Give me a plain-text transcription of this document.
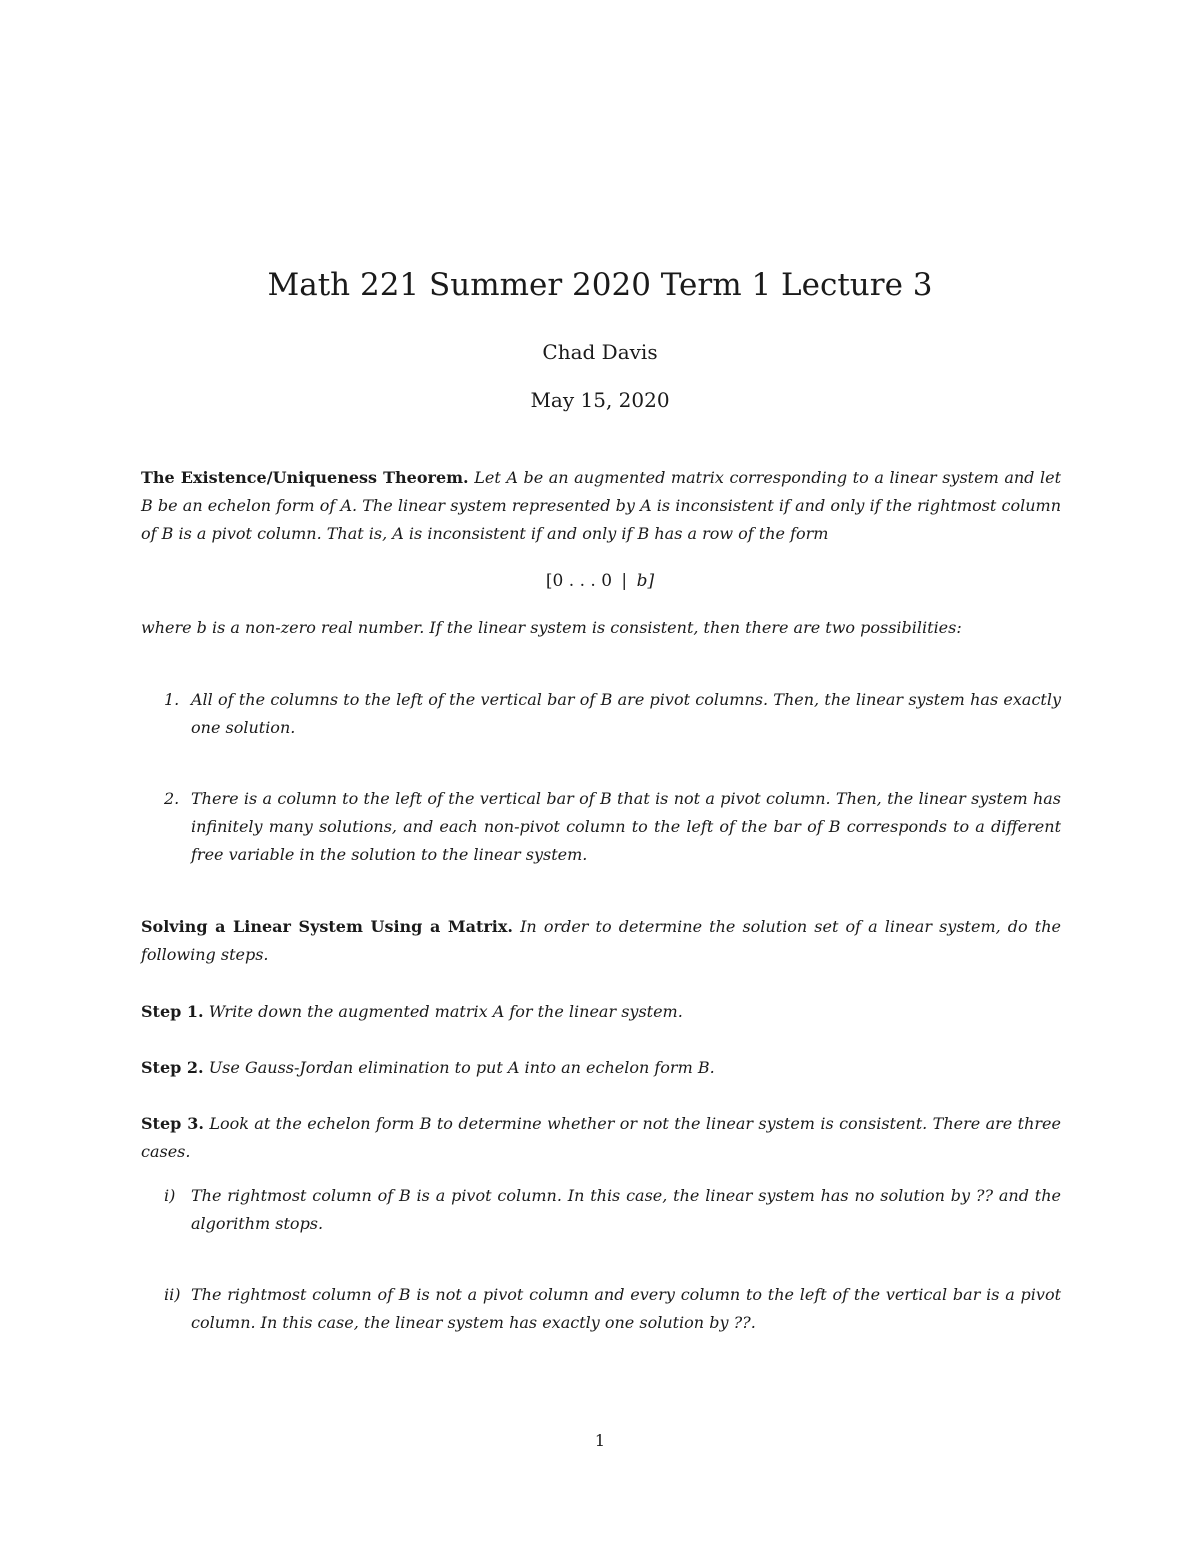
Math 221 Summer 2020 Term 1 Lecture 3
Chad Davis
May 15, 2020
The Existence/Uniqueness Theorem. Let A be an augmented matrix corresponding to a linear system and let B be an echelon form of A. The linear system represented by A is inconsistent if and only if the rightmost column of B is a pivot column. That is, A is inconsistent if and only if B has a row of the form
[0 . . . 0 | b]
where b is a non-zero real number. If the linear system is consistent, then there are two possibilities:
1. All of the columns to the left of the vertical bar of B are pivot columns. Then, the linear system has exactly one solution.
2. There is a column to the left of the vertical bar of B that is not a pivot column. Then, the linear system has infinitely many solutions, and each non-pivot column to the left of the bar of B corresponds to a different free variable in the solution to the linear system.
Solving a Linear System Using a Matrix. In order to determine the solution set of a linear system, do the following steps.
Step 1. Write down the augmented matrix A for the linear system.
Step 2. Use Gauss-Jordan elimination to put A into an echelon form B.
Step 3. Look at the echelon form B to determine whether or not the linear system is consistent. There are three cases.
i) The rightmost column of B is a pivot column. In this case, the linear system has no solution by ?? and the algorithm stops.
ii) The rightmost column of B is not a pivot column and every column to the left of the vertical bar is a pivot column. In this case, the linear system has exactly one solution by ??.
1
